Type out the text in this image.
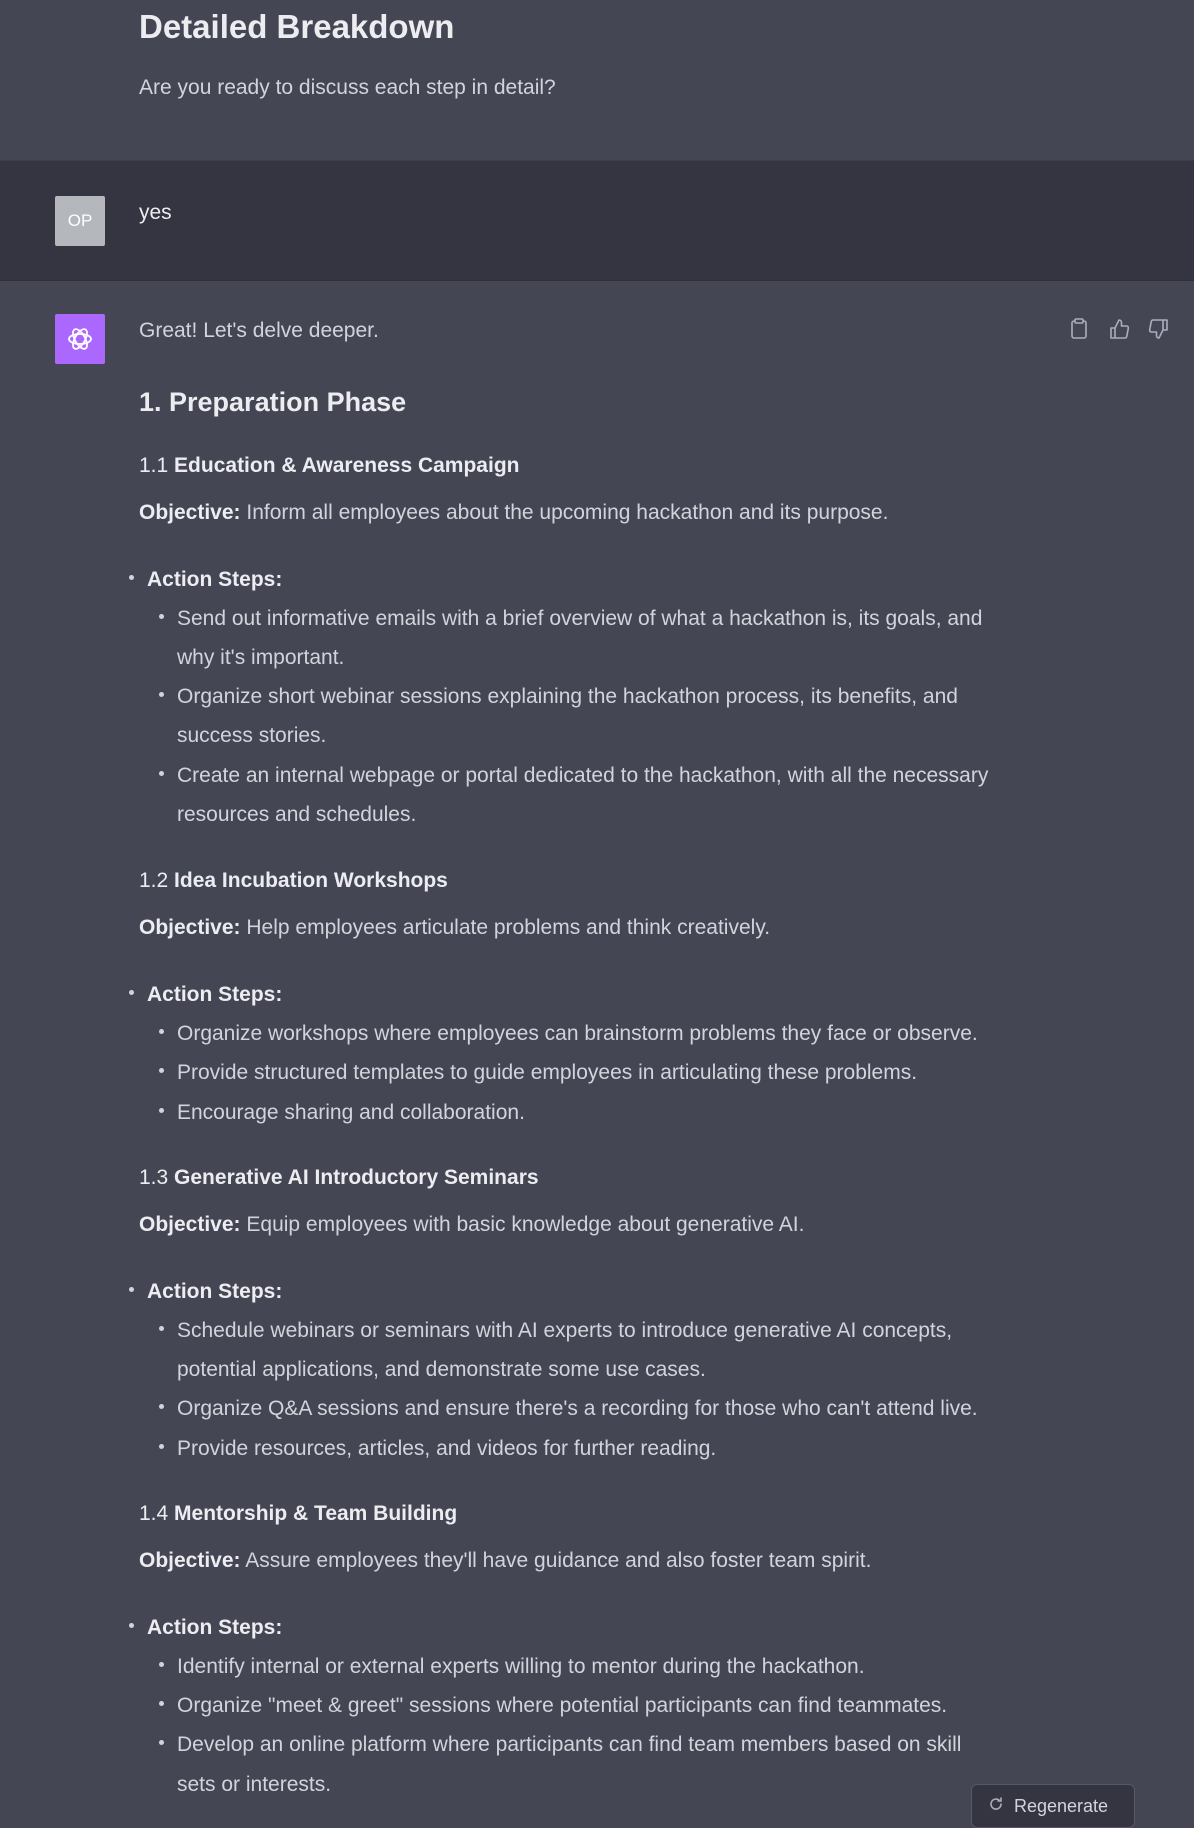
Detailed Breakdown

Are you ready to discuss each step in detail?

OP	yes
Great! Let's delve deeper.
1. Preparation Phase
1.1 Education & Awareness Campaign
Objective: Inform all employees about the upcoming hackathon and its purpose.
Action Steps:
Send out informative emails with a brief overview of what a hackathon is, its goals, and
why it's important.
Organize short webinar sessions explaining the hackathon process, its benefits, and
success stories.
Create an internal webpage or portal dedicated to the hackathon, with all the necessary
resources and schedules.
1.2 Idea Incubation Workshops
Objective: Help employees articulate problems and think creatively.
Action Steps:
Organize workshops where employees can brainstorm problems they face or observe.
Provide structured templates to guide employees in articulating these problems.
Encourage sharing and collaboration.
1.3 Generative AI Introductory Seminars
Objective: Equip employees with basic knowledge about generative AI.
Action Steps:
Schedule webinars or seminars with AI experts to introduce generative AI concepts,
potential applications, and demonstrate some use cases.
Organize Q&A sessions and ensure there's a recording for those who can't attend live.
Provide resources, articles, and videos for further reading.
1.4 Mentorship & Team Building
Objective: Assure employees they'll have guidance and also foster team spirit.
Action Steps:
Identify internal or external experts willing to mentor during the hackathon.
Organize "meet & greet" sessions where potential participants can find teammates.
Develop an online platform where participants can find team members based on skill
sets or interests.
Regenerate
